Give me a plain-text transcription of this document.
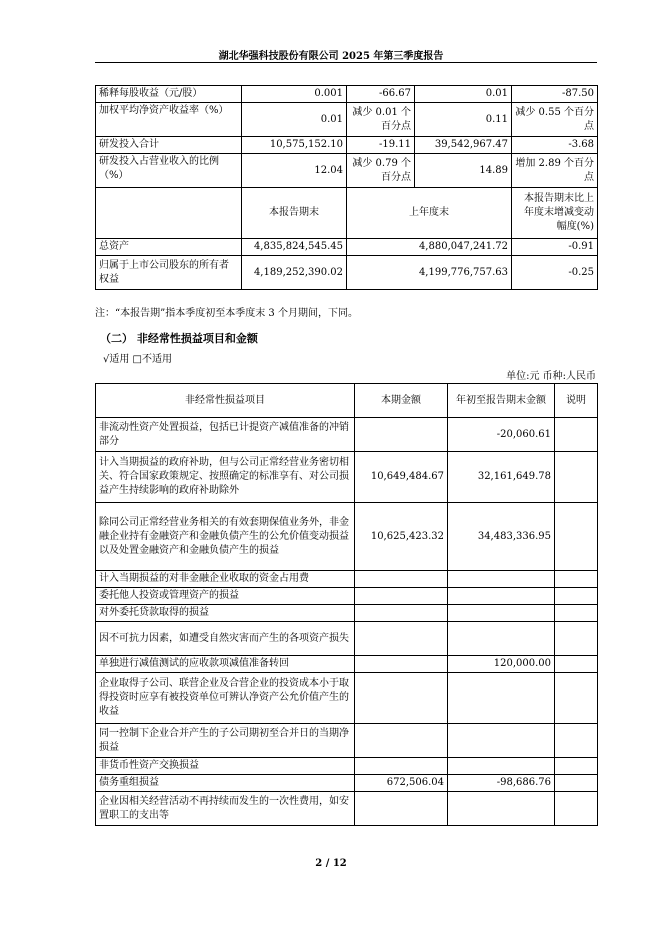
湖北华强科技股份有限公司 2025 年第三季度报告
稀释每股收益（元/股）	0.001	-66.67	0.01	-87.50
加权平均净资产收益率（%）	0.01	减少 0.01 个百分点	0.11	减少 0.55 个百分点
研发投入合计	10,575,152.10	-19.11	39,542,967.47	-3.68
研发投入占营业收入的比例（%）	12.04	减少 0.79 个百分点	14.89	增加 2.89 个百分点
	本报告期末	上年度末		本报告期末比上年度末增减变动幅度(%)
总资产	4,835,824,545.45	4,880,047,241.72		-0.91
归属于上市公司股东的所有者权益	4,189,252,390.02	4,199,776,757.63		-0.25
注：“本报告期”指本季度初至本季度末 3 个月期间，下同。
（二） 非经常性损益项目和金额
√适用 □不适用
单位:元 币种:人民币
非经常性损益项目	本期金额	年初至报告期末金额	说明
非流动性资产处置损益，包括已计提资产减值准备的冲销部分		-20,060.61	
计入当期损益的政府补助，但与公司正常经营业务密切相关、符合国家政策规定、按照确定的标准享有、对公司损益产生持续影响的政府补助除外	10,649,484.67	32,161,649.78	
除同公司正常经营业务相关的有效套期保值业务外，非金融企业持有金融资产和金融负债产生的公允价值变动损益以及处置金融资产和金融负债产生的损益	10,625,423.32	34,483,336.95	
计入当期损益的对非金融企业收取的资金占用费			
委托他人投资或管理资产的损益			
对外委托贷款取得的损益			
因不可抗力因素，如遭受自然灾害而产生的各项资产损失			
单独进行减值测试的应收款项减值准备转回		120,000.00	
企业取得子公司、联营企业及合营企业的投资成本小于取得投资时应享有被投资单位可辨认净资产公允价值产生的收益			
同一控制下企业合并产生的子公司期初至合并日的当期净损益			
非货币性资产交换损益			
债务重组损益	672,506.04	-98,686.76	
企业因相关经营活动不再持续而发生的一次性费用，如安置职工的支出等			
2 / 12
